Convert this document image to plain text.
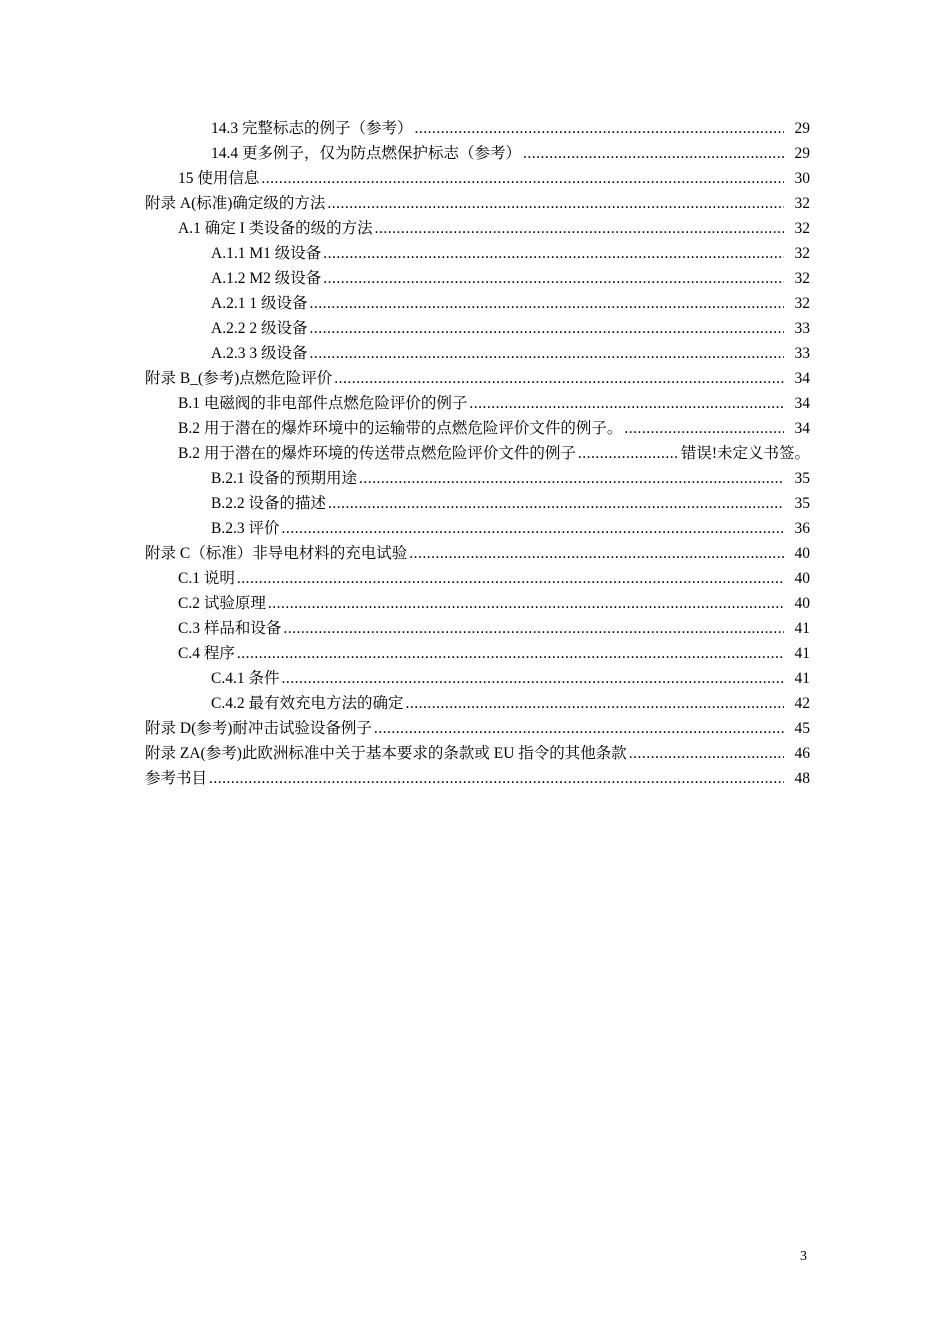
14.3 完整标志的例子（参考） .....	29
14.4 更多例子，仅为防点燃保护标志（参考） .....	29
15 使用信息 .....	30
附录 A(标准)确定级的方法 .....	32
A.1 确定 I 类设备的级的方法 .....	32
A.1.1 M1 级设备 .....	32
A.1.2 M2 级设备 .....	32
A.2.1 1 级设备 .....	32
A.2.2 2 级设备 .....	33
A.2.3 3 级设备 .....	33
附录 B_(参考)点燃危险评价 .....	34
B.1 电磁阀的非电部件点燃危险评价的例子 .....	34
B.2 用于潜在的爆炸环境中的运输带的点燃危险评价文件的例子。 .....	34
B.2 用于潜在的爆炸环境的传送带点燃危险评价文件的例子 .....	错误!未定义书签。
B.2.1 设备的预期用途 .....	35
B.2.2 设备的描述 .....	35
B.2.3 评价 .....	36
附录 C（标准）非导电材料的充电试验 .....	40
C.1 说明 .....	40
C.2 试验原理 .....	40
C.3 样品和设备 .....	41
C.4 程序 .....	41
C.4.1 条件 .....	41
C.4.2 最有效充电方法的确定 .....	42
附录 D(参考)耐冲击试验设备例子 .....	45
附录 ZA(参考)此欧洲标准中关于基本要求的条款或 EU 指令的其他条款 .....	46
参考书目 .....	48
3
